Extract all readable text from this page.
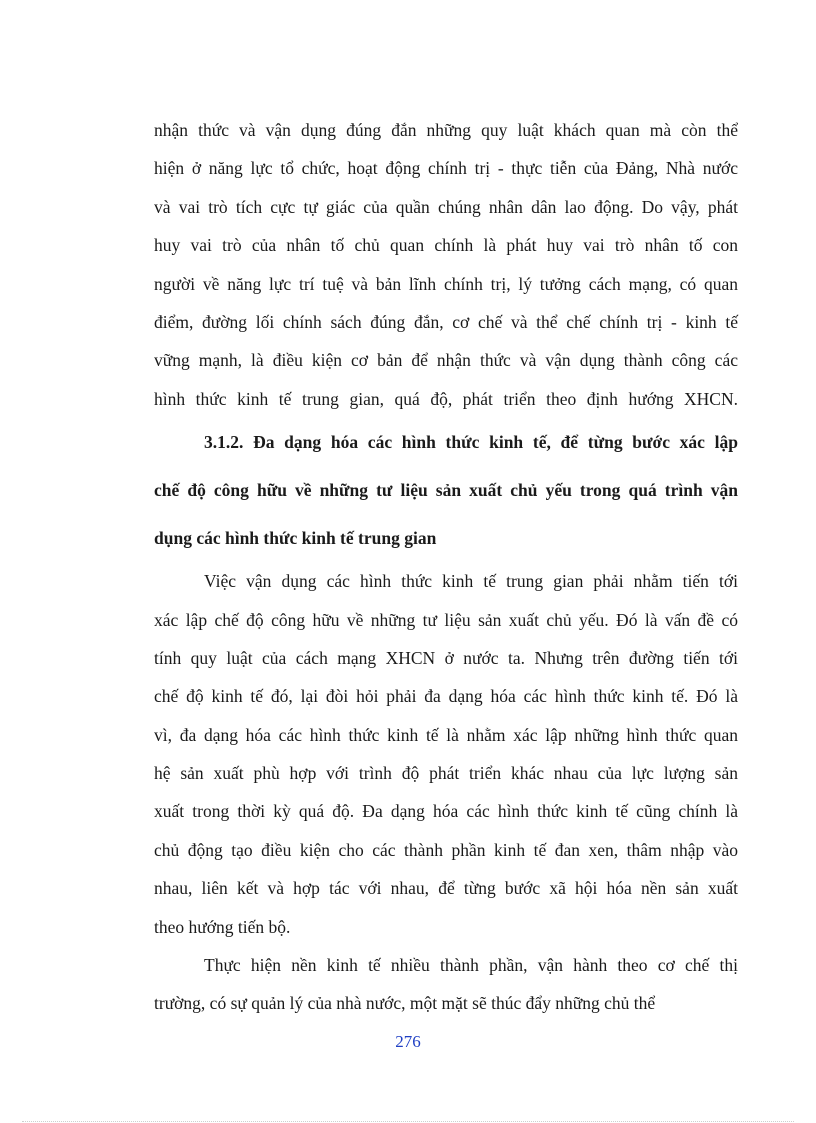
nhận thức và vận dụng đúng đắn những quy luật khách quan mà còn thể
hiện ở năng lực tổ chức, hoạt động chính trị - thực tiễn của Đảng, Nhà nước
và vai trò tích cực tự giác của quần chúng nhân dân lao động. Do vậy, phát
huy vai trò của nhân tố chủ quan chính là phát huy vai trò nhân tố con
người về năng lực trí tuệ và bản lĩnh chính trị, lý tưởng cách mạng, có quan
điểm, đường lối chính sách đúng đắn, cơ chế và thể chế chính trị - kinh tế
vững mạnh, là điều kiện cơ bản để nhận thức và vận dụng thành công các
hình thức kinh tế trung gian, quá độ, phát triển theo định hướng XHCN.
3.1.2. Đa dạng hóa các hình thức kinh tế, để từng bước xác lập
chế độ công hữu về những tư liệu sản xuất chủ yếu trong quá trình vận
dụng các hình thức kinh tế trung gian
Việc vận dụng các hình thức kinh tế trung gian phải nhằm tiến tới
xác lập chế độ công hữu về những tư liệu sản xuất chủ yếu. Đó là vấn đề có
tính quy luật của cách mạng XHCN ở nước ta. Nhưng trên đường tiến tới
chế độ kinh tế đó, lại đòi hỏi phải đa dạng hóa các hình thức kinh tế. Đó là
vì, đa dạng hóa các hình thức kinh tế là nhằm xác lập những hình thức quan
hệ sản xuất phù hợp với trình độ phát triển khác nhau của lực lượng sản
xuất trong thời kỳ quá độ. Đa dạng hóa các hình thức kinh tế cũng chính là
chủ động tạo điều kiện cho các thành phần kinh tế đan xen, thâm nhập vào
nhau, liên kết và hợp tác với nhau, để từng bước xã hội hóa nền sản xuất
theo hướng tiến bộ.
Thực hiện nền kinh tế nhiều thành phần, vận hành theo cơ chế thị
trường, có sự quản lý của nhà nước, một mặt sẽ thúc đẩy những chủ thể
276
